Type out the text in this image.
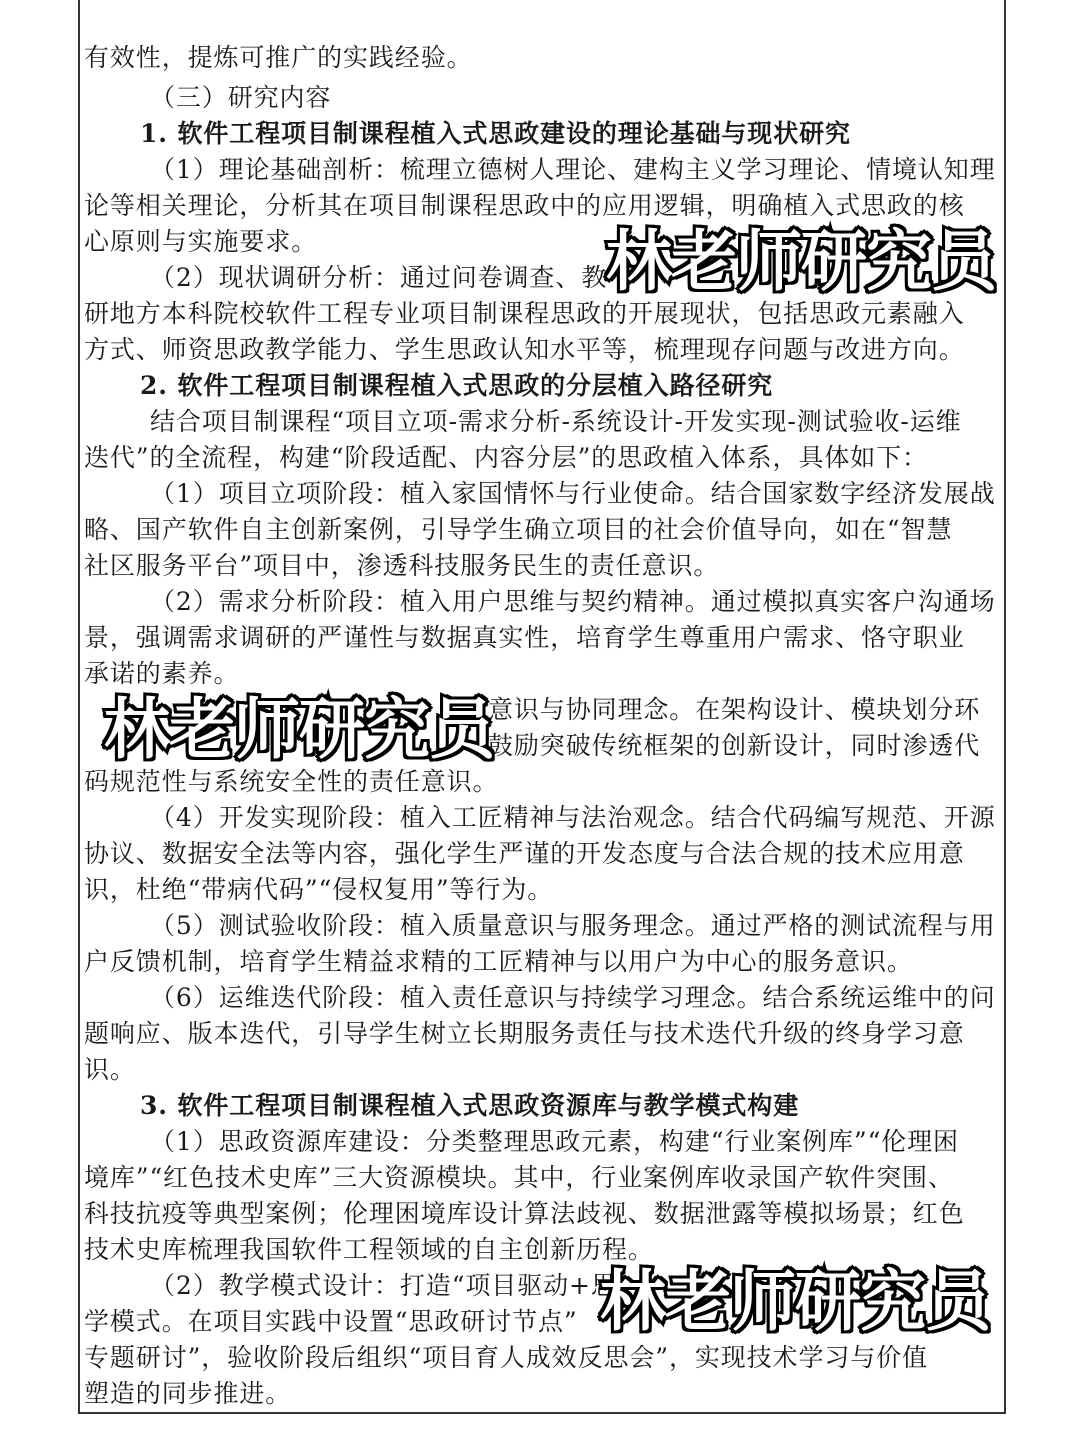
有效性，提炼可推广的实践经验。
（三）研究内容
1. 软件工程项目制课程植入式思政建设的理论基础与现状研究
（1）理论基础剖析：梳理立德树人理论、建构主义学习理论、情境认知理
论等相关理论，分析其在项目制课程思政中的应用逻辑，明确植入式思政的核
心原则与实施要求。
（2）现状调研分析：通过问卷调查、教
研地方本科院校软件工程专业项目制课程思政的开展现状，包括思政元素融入
方式、师资思政教学能力、学生思政认知水平等，梳理现存问题与改进方向。
2. 软件工程项目制课程植入式思政的分层植入路径研究
结合项目制课程“项目立项-需求分析-系统设计-开发实现-测试验收-运维
迭代”的全流程，构建“阶段适配、内容分层”的思政植入体系，具体如下：
（1）项目立项阶段：植入家国情怀与行业使命。结合国家数字经济发展战
略、国产软件自主创新案例，引导学生确立项目的社会价值导向，如在“智慧
社区服务平台”项目中，渗透科技服务民生的责任意识。
（2）需求分析阶段：植入用户思维与契约精神。通过模拟真实客户沟通场
景，强调需求调研的严谨性与数据真实性，培育学生尊重用户需求、恪守职业
承诺的素养。
意识与协同理念。在架构设计、模块划分环
鼓励突破传统框架的创新设计，同时渗透代
码规范性与系统安全性的责任意识。
（4）开发实现阶段：植入工匠精神与法治观念。结合代码编写规范、开源
协议、数据安全法等内容，强化学生严谨的开发态度与合法合规的技术应用意
识，杜绝“带病代码”“侵权复用”等行为。
（5）测试验收阶段：植入质量意识与服务理念。通过严格的测试流程与用
户反馈机制，培育学生精益求精的工匠精神与以用户为中心的服务意识。
（6）运维迭代阶段：植入责任意识与持续学习理念。结合系统运维中的问
题响应、版本迭代，引导学生树立长期服务责任与技术迭代升级的终身学习意
识。
3. 软件工程项目制课程植入式思政资源库与教学模式构建
（1）思政资源库建设：分类整理思政元素，构建“行业案例库”“伦理困
境库”“红色技术史库”三大资源模块。其中，行业案例库收录国产软件突围、
科技抗疫等典型案例；伦理困境库设计算法歧视、数据泄露等模拟场景；红色
技术史库梳理我国软件工程领域的自主创新历程。
（2）教学模式设计：打造“项目驱动+思
学模式。在项目实践中设置“思政研讨节点”
专题研讨”，验收阶段后组织“项目育人成效反思会”，实现技术学习与价值
塑造的同步推进。
林老师研究员
林老师研究员
林老师研究员
